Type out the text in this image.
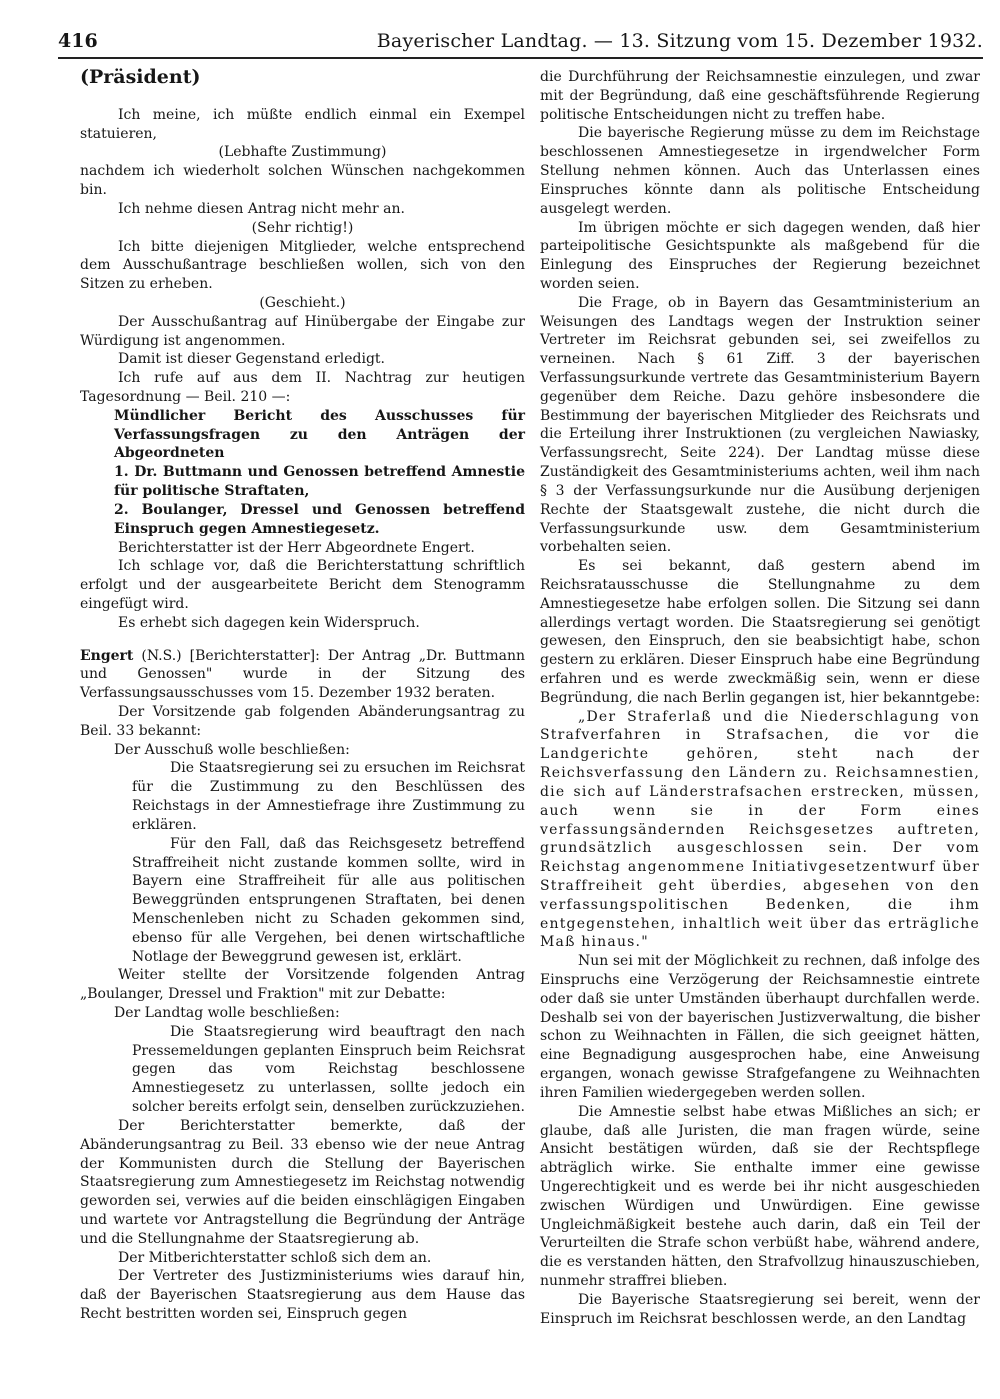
416	Bayerischer Landtag. — 13. Sitzung vom 15. Dezember 1932.

(Präsident)

Ich meine, ich müßte endlich einmal ein Exempel statuieren,

(Lebhafte Zustimmung)

nachdem ich wiederholt solchen Wünschen nachgekommen bin.

Ich nehme diesen Antrag nicht mehr an.

(Sehr richtig!)

Ich bitte diejenigen Mitglieder, welche entsprechend dem Ausschußantrage beschließen wollen, sich von den Sitzen zu erheben.

(Geschieht.)

Der Ausschußantrag auf Hinübergabe der Eingabe zur Würdigung ist angenommen.

Damit ist dieser Gegenstand erledigt.

Ich rufe auf aus dem II. Nachtrag zur heutigen Tagesordnung — Beil. 210 —:

Mündlicher Bericht des Ausschusses für Verfassungsfragen zu den Anträgen der Abgeordneten

1. Dr. Buttmann und Genossen betreffend Amnestie für politische Straftaten,

2. Boulanger, Dressel und Genossen betreffend Einspruch gegen Amnestiegesetz.

Berichterstatter ist der Herr Abgeordnete Engert.

Ich schlage vor, daß die Berichterstattung schriftlich erfolgt und der ausgearbeitete Bericht dem Stenogramm eingefügt wird.

Es erhebt sich dagegen kein Widerspruch.

Engert (N.S.) [Berichterstatter]: Der Antrag „Dr. Buttmann und Genossen" wurde in der Sitzung des Verfassungsausschusses vom 15. Dezember 1932 beraten.

Der Vorsitzende gab folgenden Abänderungsantrag zu Beil. 33 bekannt:

Der Ausschuß wolle beschließen:

Die Staatsregierung sei zu ersuchen im Reichsrat für die Zustimmung zu den Beschlüssen des Reichstags in der Amnestiefrage ihre Zustimmung zu erklären.

Für den Fall, daß das Reichsgesetz betreffend Straffreiheit nicht zustande kommen sollte, wird in Bayern eine Straffreiheit für alle aus politischen Beweggründen entsprungenen Straftaten, bei denen Menschenleben nicht zu Schaden gekommen sind, ebenso für alle Vergehen, bei denen wirtschaftliche Notlage der Beweggrund gewesen ist, erklärt.

Weiter stellte der Vorsitzende folgenden Antrag „Boulanger, Dressel und Fraktion" mit zur Debatte:

Der Landtag wolle beschließen:

Die Staatsregierung wird beauftragt den nach Pressemeldungen geplanten Einspruch beim Reichsrat gegen das vom Reichstag beschlossene Amnestiegesetz zu unterlassen, sollte jedoch ein solcher bereits erfolgt sein, denselben zurückzuziehen.

Der Berichterstatter bemerkte, daß der Abänderungsantrag zu Beil. 33 ebenso wie der neue Antrag der Kommunisten durch die Stellung der Bayerischen Staatsregierung zum Amnestiegesetz im Reichstag notwendig geworden sei, verwies auf die beiden einschlägigen Eingaben und wartete vor Antragstellung die Begründung der Anträge und die Stellungnahme der Staatsregierung ab.

Der Mitberichterstatter schloß sich dem an.

Der Vertreter des Justizministeriums wies darauf hin, daß der Bayerischen Staatsregierung aus dem Hause das Recht bestritten worden sei, Einspruch gegen

die Durchführung der Reichsamnestie einzulegen, und zwar mit der Begründung, daß eine geschäftsführende Regierung politische Entscheidungen nicht zu treffen habe.

Die bayerische Regierung müsse zu dem im Reichstage beschlossenen Amnestiegesetze in irgendwelcher Form Stellung nehmen können. Auch das Unterlassen eines Einspruches könnte dann als politische Entscheidung ausgelegt werden.

Im übrigen möchte er sich dagegen wenden, daß hier parteipolitische Gesichtspunkte als maßgebend für die Einlegung des Einspruches der Regierung bezeichnet worden seien.

Die Frage, ob in Bayern das Gesamtministerium an Weisungen des Landtags wegen der Instruktion seiner Vertreter im Reichsrat gebunden sei, sei zweifellos zu verneinen. Nach § 61 Ziff. 3 der bayerischen Verfassungsurkunde vertrete das Gesamtministerium Bayern gegenüber dem Reiche. Dazu gehöre insbesondere die Bestimmung der bayerischen Mitglieder des Reichsrats und die Erteilung ihrer Instruktionen (zu vergleichen Nawiasky, Verfassungsrecht, Seite 224). Der Landtag müsse diese Zuständigkeit des Gesamtministeriums achten, weil ihm nach § 3 der Verfassungsurkunde nur die Ausübung derjenigen Rechte der Staatsgewalt zustehe, die nicht durch die Verfassungsurkunde usw. dem Gesamtministerium vorbehalten seien.

Es sei bekannt, daß gestern abend im Reichsratausschusse die Stellungnahme zu dem Amnestiegesetze habe erfolgen sollen. Die Sitzung sei dann allerdings vertagt worden. Die Staatsregierung sei genötigt gewesen, den Einspruch, den sie beabsichtigt habe, schon gestern zu erklären. Dieser Einspruch habe eine Begründung erfahren und es werde zweckmäßig sein, wenn er diese Begründung, die nach Berlin gegangen ist, hier bekanntgebe:

„Der Straferlaß und die Niederschlagung von Strafverfahren in Strafsachen, die vor die Landgerichte gehören, steht nach der Reichsverfassung den Ländern zu. Reichsamnestien, die sich auf Länderstrafsachen erstrecken, müssen, auch wenn sie in der Form eines verfassungsändernden Reichsgesetzes auftreten, grundsätzlich ausgeschlossen sein. Der vom Reichstag angenommene Initiativgesetzentwurf über Straffreiheit geht überdies, abgesehen von den verfassungspolitischen Bedenken, die ihm entgegenstehen, inhaltlich weit über das erträgliche Maß hinaus."

Nun sei mit der Möglichkeit zu rechnen, daß infolge des Einspruchs eine Verzögerung der Reichsamnestie eintrete oder daß sie unter Umständen überhaupt durchfallen werde. Deshalb sei von der bayerischen Justizverwaltung, die bisher schon zu Weihnachten in Fällen, die sich geeignet hätten, eine Begnadigung ausgesprochen habe, eine Anweisung ergangen, wonach gewisse Strafgefangene zu Weihnachten ihren Familien wiedergegeben werden sollen.

Die Amnestie selbst habe etwas Mißliches an sich; er glaube, daß alle Juristen, die man fragen würde, seine Ansicht bestätigen würden, daß sie der Rechtspflege abträglich wirke. Sie enthalte immer eine gewisse Ungerechtigkeit und es werde bei ihr nicht ausgeschieden zwischen Würdigen und Unwürdigen. Eine gewisse Ungleichmäßigkeit bestehe auch darin, daß ein Teil der Verurteilten die Strafe schon verbüßt habe, während andere, die es verstanden hätten, den Strafvollzug hinauszuschieben, nunmehr straffrei blieben.

Die Bayerische Staatsregierung sei bereit, wenn der Einspruch im Reichsrat beschlossen werde, an den Landtag
